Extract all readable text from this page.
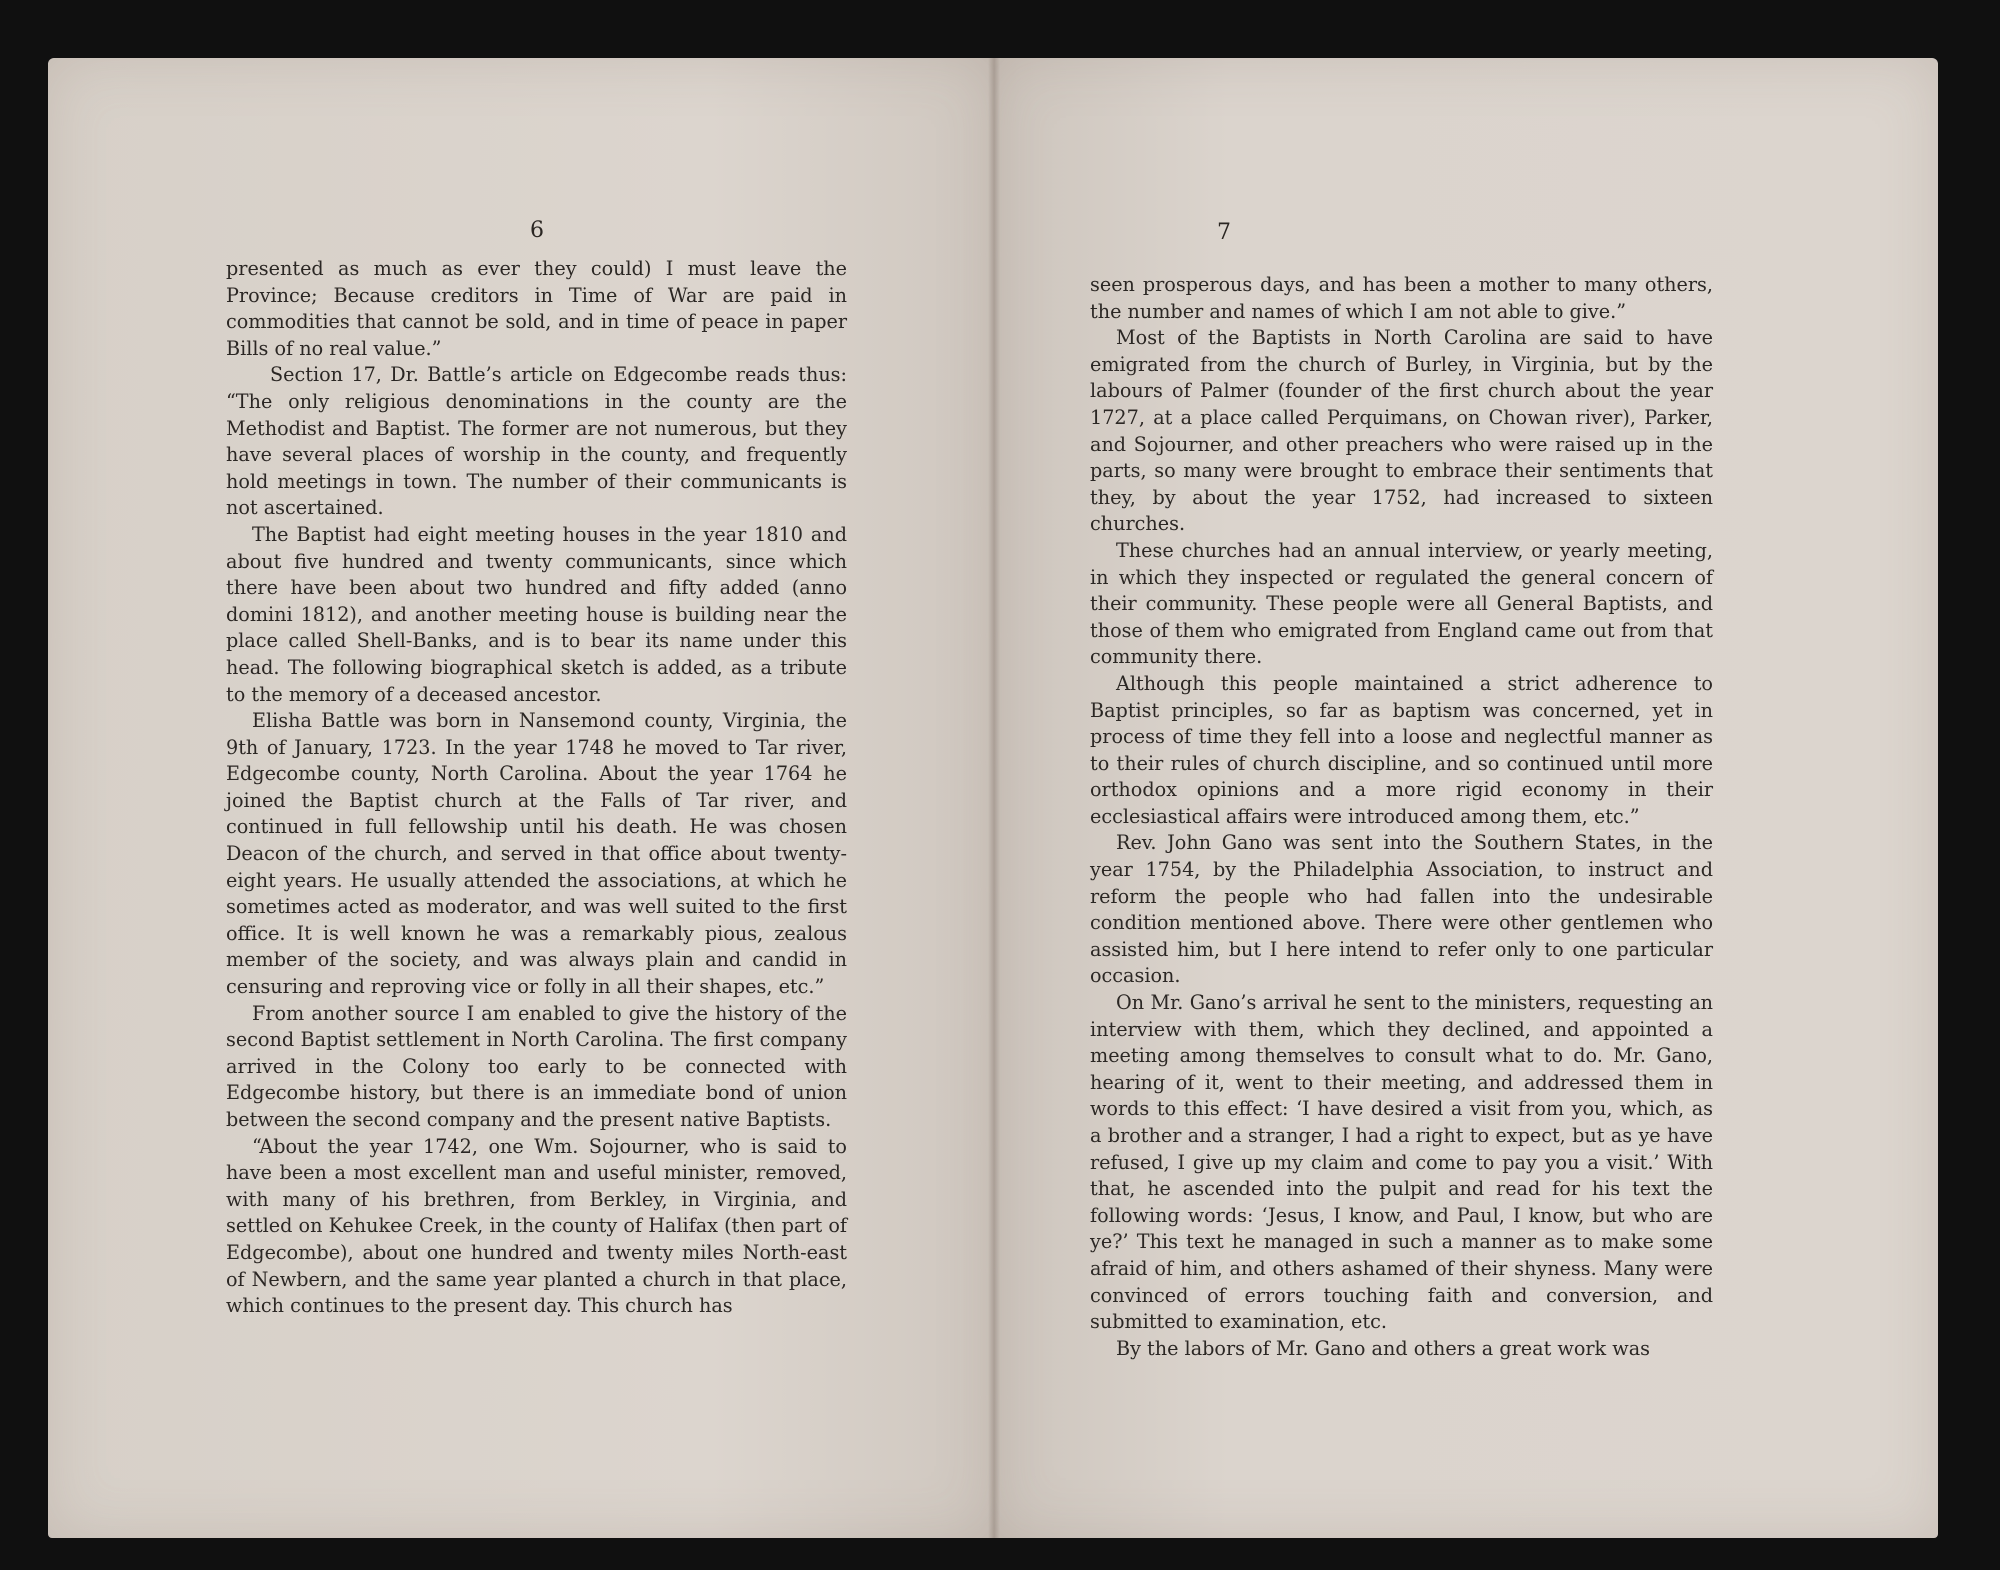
6

presented as much as ever they could) I must leave the Province; Because creditors in Time of War are paid in commodities that cannot be sold, and in time of peace in paper Bills of no real value.”

Section 17, Dr. Battle’s article on Edgecombe reads thus: “The only religious denominations in the county are the Methodist and Baptist. The former are not numerous, but they have several places of worship in the county, and frequently hold meetings in town. The number of their communicants is not ascertained.

The Baptist had eight meeting houses in the year 1810 and about five hundred and twenty communicants, since which there have been about two hundred and fifty added (anno domini 1812), and another meeting house is building near the place called Shell-Banks, and is to bear its name under this head. The following biographical sketch is added, as a tribute to the memory of a deceased ancestor.

Elisha Battle was born in Nansemond county, Virginia, the 9th of January, 1723. In the year 1748 he moved to Tar river, Edgecombe county, North Carolina. About the year 1764 he joined the Baptist church at the Falls of Tar river, and continued in full fellowship until his death. He was chosen Deacon of the church, and served in that office about twenty-eight years. He usually attended the associations, at which he sometimes acted as moderator, and was well suited to the first office. It is well known he was a remarkably pious, zealous member of the society, and was always plain and candid in censuring and reproving vice or folly in all their shapes, etc.”

From another source I am enabled to give the history of the second Baptist settlement in North Carolina. The first company arrived in the Colony too early to be connected with Edgecombe history, but there is an immediate bond of union between the second company and the present native Baptists.

“About the year 1742, one Wm. Sojourner, who is said to have been a most excellent man and useful minister, removed, with many of his brethren, from Berkley, in Virginia, and settled on Kehukee Creek, in the county of Halifax (then part of Edgecombe), about one hundred and twenty miles North-east of Newbern, and the same year planted a church in that place, which continues to the present day. This church has

7

seen prosperous days, and has been a mother to many others, the number and names of which I am not able to give.”

Most of the Baptists in North Carolina are said to have emigrated from the church of Burley, in Virginia, but by the labours of Palmer (founder of the first church about the year 1727, at a place called Perquimans, on Chowan river), Parker, and Sojourner, and other preachers who were raised up in the parts, so many were brought to embrace their sentiments that they, by about the year 1752, had increased to sixteen churches.

These churches had an annual interview, or yearly meeting, in which they inspected or regulated the general concern of their community. These people were all General Baptists, and those of them who emigrated from England came out from that community there.

Although this people maintained a strict adherence to Baptist principles, so far as baptism was concerned, yet in process of time they fell into a loose and neglectful manner as to their rules of church discipline, and so continued until more orthodox opinions and a more rigid economy in their ecclesiastical affairs were introduced among them, etc.”

Rev. John Gano was sent into the Southern States, in the year 1754, by the Philadelphia Association, to instruct and reform the people who had fallen into the undesirable condition mentioned above. There were other gentlemen who assisted him, but I here intend to refer only to one particular occasion.

On Mr. Gano’s arrival he sent to the ministers, requesting an interview with them, which they declined, and appointed a meeting among themselves to consult what to do. Mr. Gano, hearing of it, went to their meeting, and addressed them in words to this effect: ‘I have desired a visit from you, which, as a brother and a stranger, I had a right to expect, but as ye have refused, I give up my claim and come to pay you a visit.’ With that, he ascended into the pulpit and read for his text the following words: ‘Jesus, I know, and Paul, I know, but who are ye?’ This text he managed in such a manner as to make some afraid of him, and others ashamed of their shyness. Many were convinced of errors touching faith and conversion, and submitted to examination, etc.

By the labors of Mr. Gano and others a great work was
